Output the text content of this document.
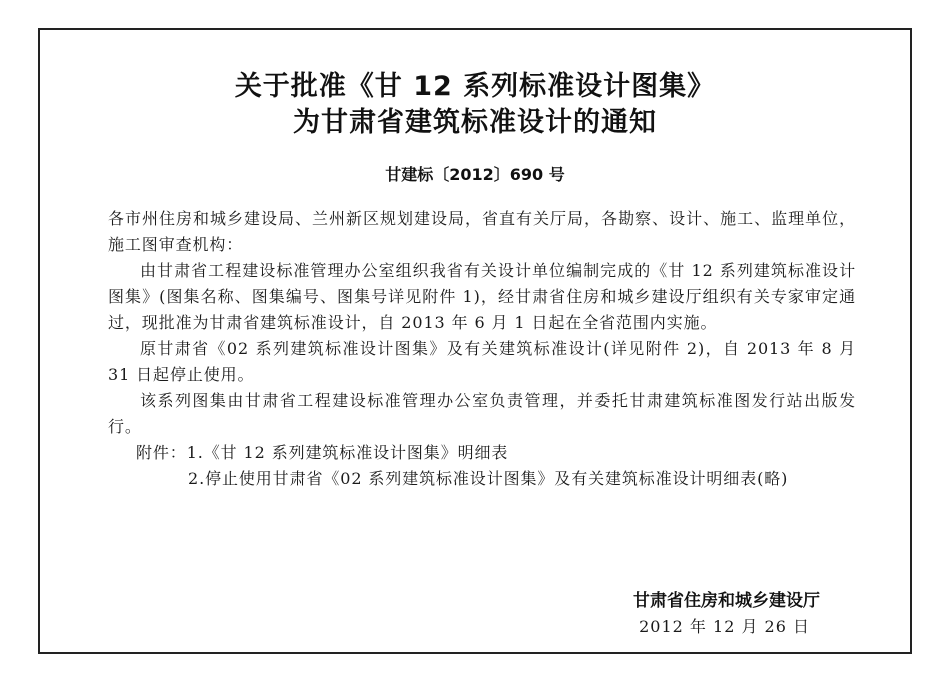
关于批准《甘 12 系列标准设计图集》
为甘肃省建筑标准设计的通知
甘建标〔2012〕690 号

各市州住房和城乡建设局、兰州新区规划建设局，省直有关厅局，各勘察、设计、施工、监理单位，施工图审查机构：

由甘肃省工程建设标准管理办公室组织我省有关设计单位编制完成的《甘 12 系列建筑标准设计图集》(图集名称、图集编号、图集号详见附件 1)，经甘肃省住房和城乡建设厅组织有关专家审定通过，现批准为甘肃省建筑标准设计，自 2013 年 6 月 1 日起在全省范围内实施。

原甘肃省《02 系列建筑标准设计图集》及有关建筑标准设计(详见附件 2)，自 2013 年 8 月 31 日起停止使用。

该系列图集由甘肃省工程建设标准管理办公室负责管理，并委托甘肃建筑标准图发行站出版发行。

附件：1.《甘 12 系列建筑标准设计图集》明细表

2.停止使用甘肃省《02 系列建筑标准设计图集》及有关建筑标准设计明细表(略)

甘肃省住房和城乡建设厅
2012 年 12 月 26 日
